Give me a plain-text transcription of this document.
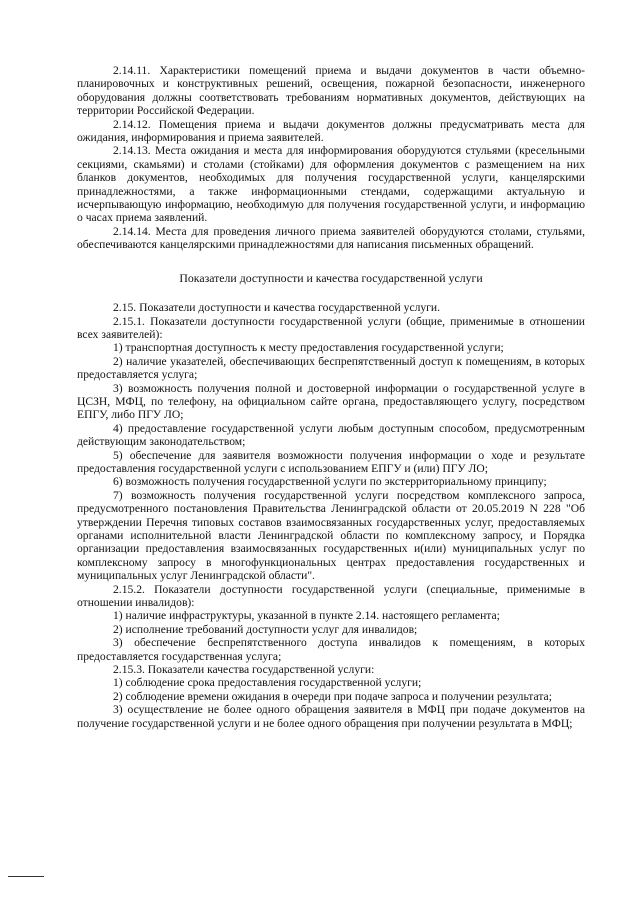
2.14.11. Характеристики помещений приема и выдачи документов в части объемно-планировочных и конструктивных решений, освещения, пожарной безопасности, инженерного оборудования должны соответствовать требованиям нормативных документов, действующих на территории Российской Федерации.

2.14.12. Помещения приема и выдачи документов должны предусматривать места для ожидания, информирования и приема заявителей.

2.14.13. Места ожидания и места для информирования оборудуются стульями (кресельными секциями, скамьями) и столами (стойками) для оформления документов с размещением на них бланков документов, необходимых для получения государственной услуги, канцелярскими принадлежностями, а также информационными стендами, содержащими актуальную и исчерпывающую информацию, необходимую для получения государственной услуги, и информацию о часах приема заявлений.

2.14.14. Места для проведения личного приема заявителей оборудуются столами, стульями, обеспечиваются канцелярскими принадлежностями для написания письменных обращений.

Показатели доступности и качества государственной услуги

2.15. Показатели доступности и качества государственной услуги.

2.15.1. Показатели доступности государственной услуги (общие, применимые в отношении всех заявителей):

1) транспортная доступность к месту предоставления государственной услуги;

2) наличие указателей, обеспечивающих беспрепятственный доступ к помещениям, в которых предоставляется услуга;

3) возможность получения полной и достоверной информации о государственной услуге в ЦСЗН, МФЦ, по телефону, на официальном сайте органа, предоставляющего услугу, посредством ЕПГУ, либо ПГУ ЛО;

4) предоставление государственной услуги любым доступным способом, предусмотренным действующим законодательством;

5) обеспечение для заявителя возможности получения информации о ходе и результате предоставления государственной услуги с использованием ЕПГУ и (или) ПГУ ЛО;

6) возможность получения государственной услуги по экстерриториальному принципу;

7) возможность получения государственной услуги посредством комплексного запроса, предусмотренного постановления Правительства Ленинградской области от 20.05.2019 N 228 "Об утверждении Перечня типовых составов взаимосвязанных государственных услуг, предоставляемых органами исполнительной власти Ленинградской области по комплексному запросу, и Порядка организации предоставления взаимосвязанных государственных и(или) муниципальных услуг по комплексному запросу в многофункциональных центрах предоставления государственных и муниципальных услуг Ленинградской области".

2.15.2. Показатели доступности государственной услуги (специальные, применимые в отношении инвалидов):

1) наличие инфраструктуры, указанной в пункте 2.14. настоящего регламента;

2) исполнение требований доступности услуг для инвалидов;

3) обеспечение беспрепятственного доступа инвалидов к помещениям, в которых предоставляется государственная услуга;

2.15.3. Показатели качества государственной услуги:

1) соблюдение срока предоставления государственной услуги;

2) соблюдение времени ожидания в очереди при подаче запроса и получении результата;

3) осуществление не более одного обращения заявителя в МФЦ при подаче документов на получение государственной услуги и не более одного обращения при получении результата в МФЦ;
